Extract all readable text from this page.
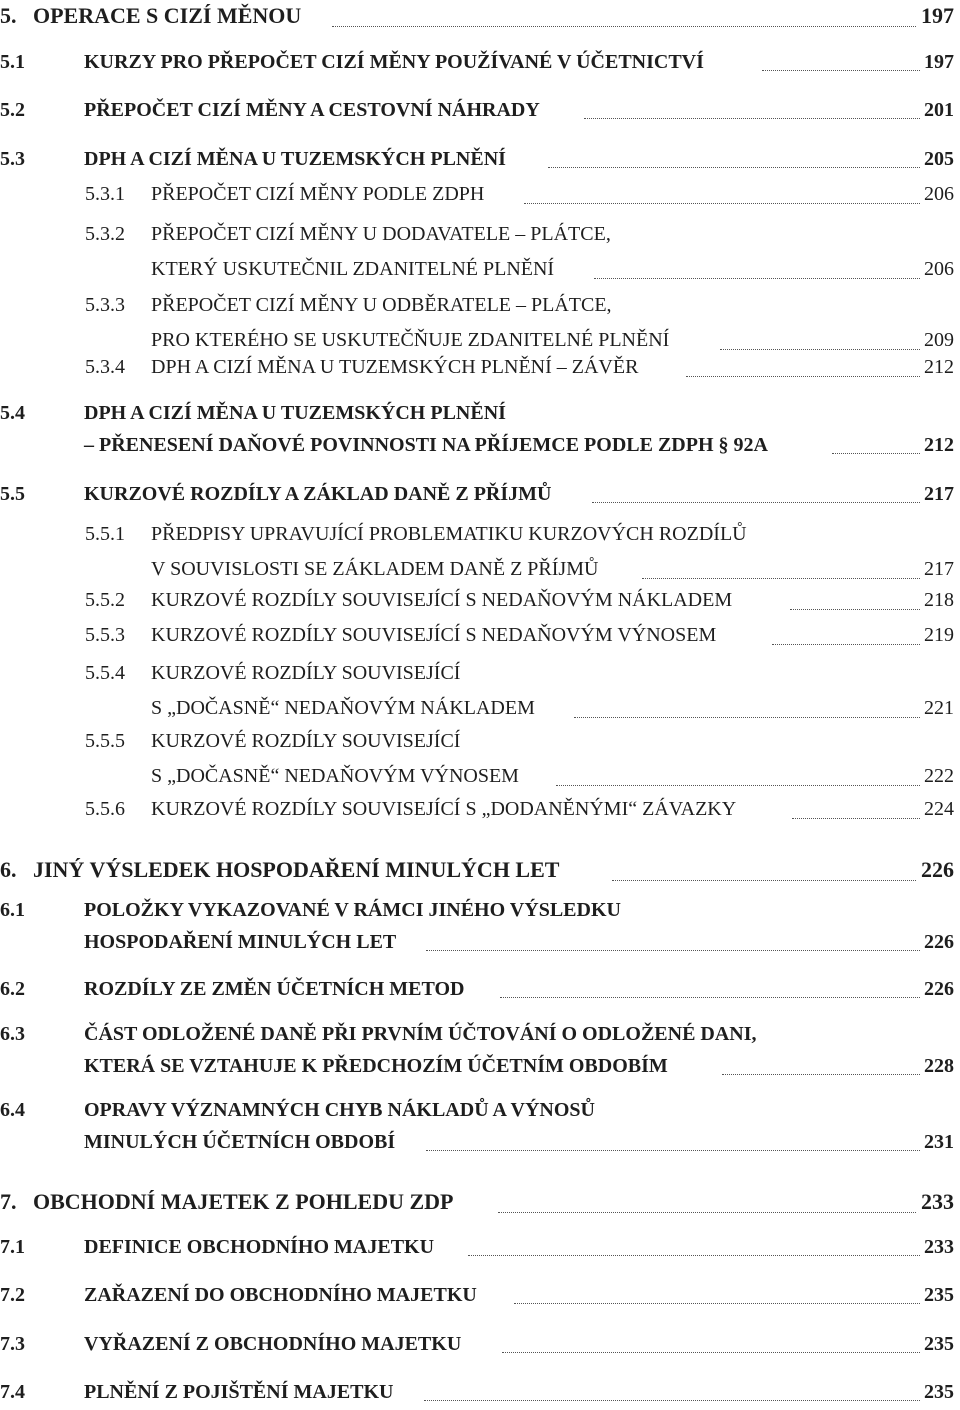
5. OPERACE S CIZÍ MĚNOU	197
5.1	KURZY PRO PŘEPOČET CIZÍ MĚNY POUŽÍVANÉ V ÚČETNICTVÍ	197
5.2	PŘEPOČET CIZÍ MĚNY A CESTOVNÍ NÁHRADY	201
5.3	DPH A CIZÍ MĚNA U TUZEMSKÝCH PLNĚNÍ	205
5.3.1 PŘEPOČET CIZÍ MĚNY PODLE ZDPH	206
5.3.2 PŘEPOČET CIZÍ MĚNY U DODAVATELE – PLÁTCE,
KTERÝ USKUTEČNIL ZDANITELNÉ PLNĚNÍ	206
5.3.3 PŘEPOČET CIZÍ MĚNY U ODBĚRATELE – PLÁTCE,
PRO KTERÉHO SE USKUTEČŇUJE ZDANITELNÉ PLNĚNÍ	209
5.3.4 DPH A CIZÍ MĚNA U TUZEMSKÝCH PLNĚNÍ – ZÁVĚR	212
5.4	DPH A CIZÍ MĚNA U TUZEMSKÝCH PLNĚNÍ
– PŘENESENÍ DAŇOVÉ POVINNOSTI NA PŘÍJEMCE PODLE ZDPH § 92A	212
5.5	KURZOVÉ ROZDÍLY A ZÁKLAD DANĚ Z PŘÍJMŮ	217
5.5.1 PŘEDPISY UPRAVUJÍCÍ PROBLEMATIKU KURZOVÝCH ROZDÍLŮ
V SOUVISLOSTI SE ZÁKLADEM DANĚ Z PŘÍJMŮ	217
5.5.2 KURZOVÉ ROZDÍLY SOUVISEJÍCÍ S NEDAŇOVÝM NÁKLADEM	218
5.5.3 KURZOVÉ ROZDÍLY SOUVISEJÍCÍ S NEDAŇOVÝM VÝNOSEM	219
5.5.4 KURZOVÉ ROZDÍLY SOUVISEJÍCÍ
S „DOČASNĚ“ NEDAŇOVÝM NÁKLADEM	221
5.5.5 KURZOVÉ ROZDÍLY SOUVISEJÍCÍ
S „DOČASNĚ“ NEDAŇOVÝM VÝNOSEM	222
5.5.6 KURZOVÉ ROZDÍLY SOUVISEJÍCÍ S „DODANĚNÝMI“ ZÁVAZKY	224
6. JINÝ VÝSLEDEK HOSPODAŘENÍ MINULÝCH LET	226
6.1	POLOŽKY VYKAZOVANÉ V RÁMCI JINÉHO VÝSLEDKU
HOSPODAŘENÍ MINULÝCH LET	226
6.2	ROZDÍLY ZE ZMĚN ÚČETNÍCH METOD	226
6.3	ČÁST ODLOŽENÉ DANĚ PŘI PRVNÍM ÚČTOVÁNÍ O ODLOŽENÉ DANI,
KTERÁ SE VZTAHUJE K PŘEDCHOZÍM ÚČETNÍM OBDOBÍM	228
6.4	OPRAVY VÝZNAMNÝCH CHYB NÁKLADŮ A VÝNOSŮ
MINULÝCH ÚČETNÍCH OBDOBÍ	231
7. OBCHODNÍ MAJETEK Z POHLEDU ZDP	233
7.1	DEFINICE OBCHODNÍHO MAJETKU	233
7.2	ZAŘAZENÍ DO OBCHODNÍHO MAJETKU	235
7.3	VYŘAZENÍ Z OBCHODNÍHO MAJETKU	235
7.4	PLNĚNÍ Z POJIŠTĚNÍ MAJETKU	235
